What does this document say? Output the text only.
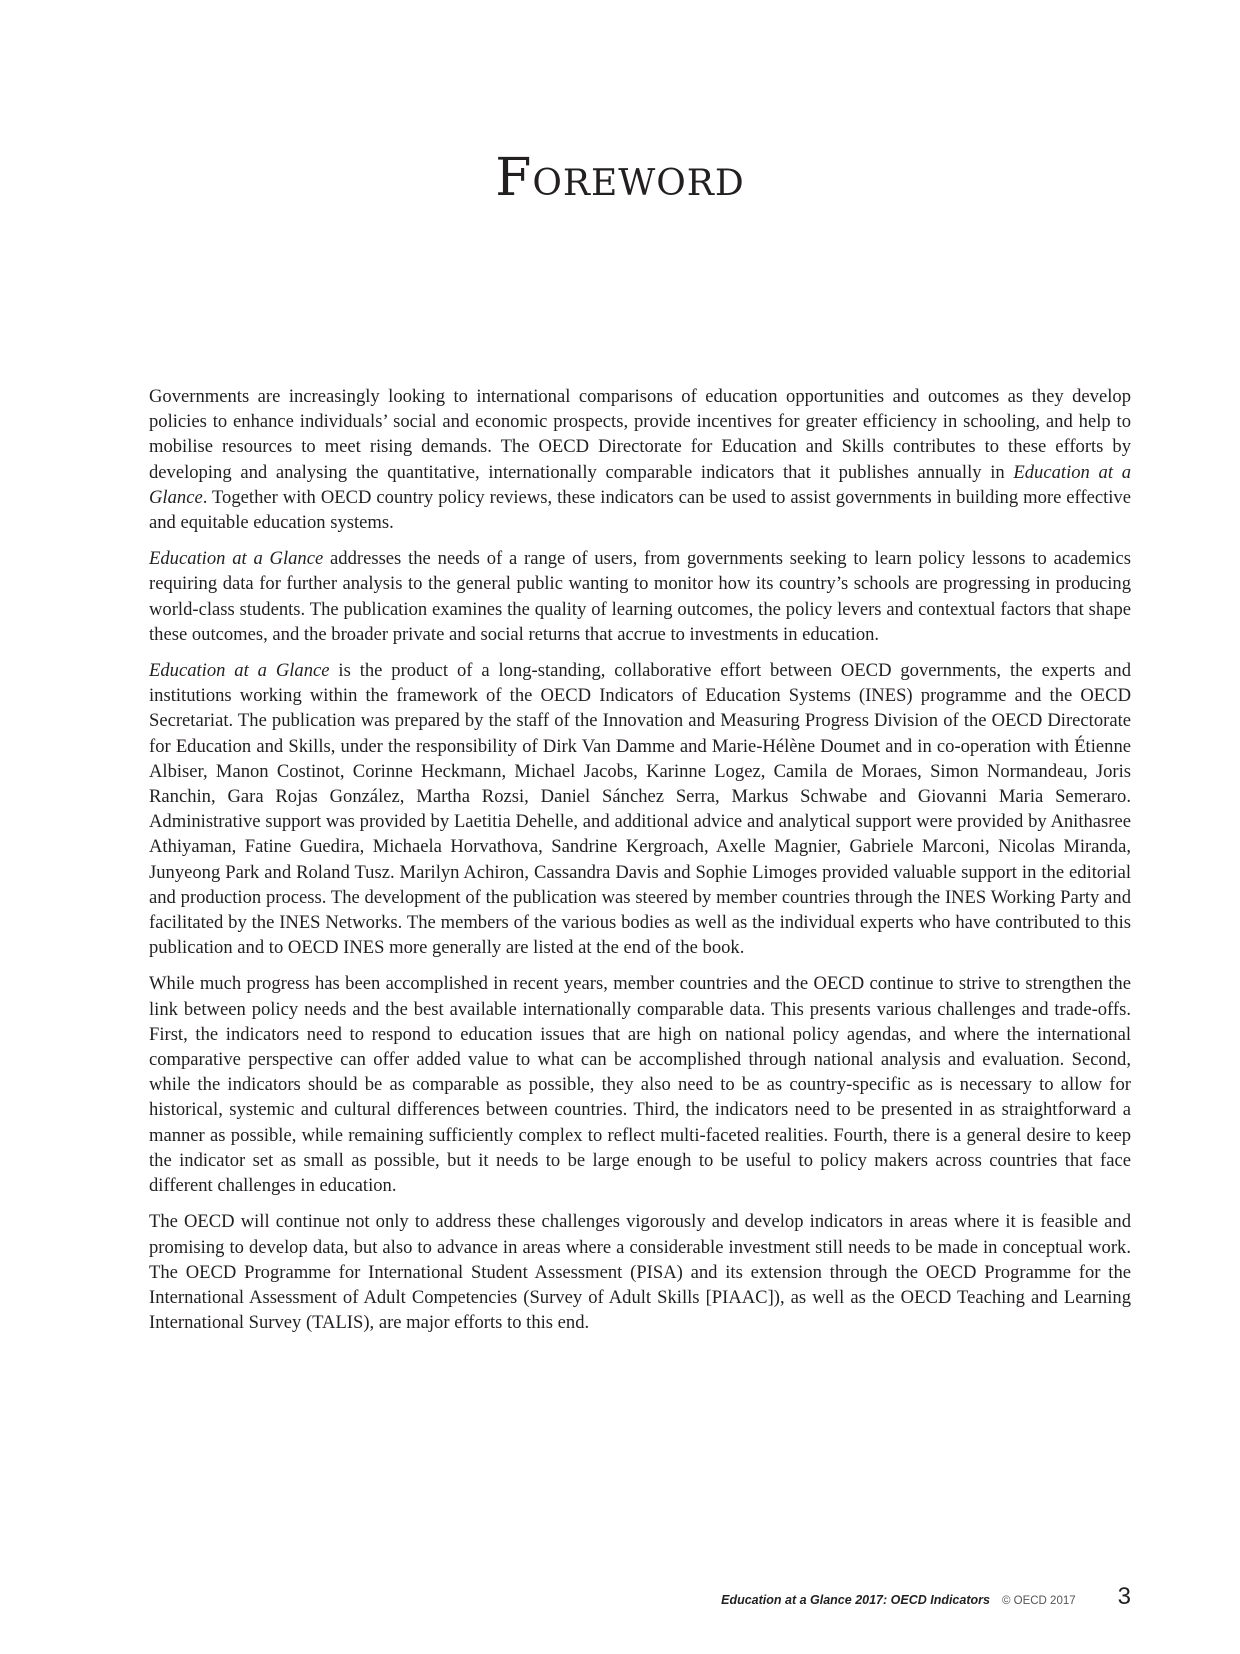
Foreword

Governments are increasingly looking to international comparisons of education opportunities and outcomes as they develop policies to enhance individuals’ social and economic prospects, provide incentives for greater efficiency in schooling, and help to mobilise resources to meet rising demands. The OECD Directorate for Education and Skills contributes to these efforts by developing and analysing the quantitative, internationally comparable indicators that it publishes annually in Education at a Glance. Together with OECD country policy reviews, these indicators can be used to assist governments in building more effective and equitable education systems.

Education at a Glance addresses the needs of a range of users, from governments seeking to learn policy lessons to academics requiring data for further analysis to the general public wanting to monitor how its country’s schools are progressing in producing world-class students. The publication examines the quality of learning outcomes, the policy levers and contextual factors that shape these outcomes, and the broader private and social returns that accrue to investments in education.

Education at a Glance is the product of a long-standing, collaborative effort between OECD governments, the experts and institutions working within the framework of the OECD Indicators of Education Systems (INES) programme and the OECD Secretariat. The publication was prepared by the staff of the Innovation and Measuring Progress Division of the OECD Directorate for Education and Skills, under the responsibility of Dirk Van Damme and Marie-Hélène Doumet and in co-operation with Étienne Albiser, Manon Costinot, Corinne Heckmann, Michael Jacobs, Karinne Logez, Camila de Moraes, Simon Normandeau, Joris Ranchin, Gara Rojas González, Martha Rozsi, Daniel Sánchez Serra, Markus Schwabe and Giovanni Maria Semeraro. Administrative support was provided by Laetitia Dehelle, and additional advice and analytical support were provided by Anithasree Athiyaman, Fatine Guedira, Michaela Horvathova, Sandrine Kergroach, Axelle Magnier, Gabriele Marconi, Nicolas Miranda, Junyeong Park and Roland Tusz. Marilyn Achiron, Cassandra Davis and Sophie Limoges provided valuable support in the editorial and production process. The development of the publication was steered by member countries through the INES Working Party and facilitated by the INES Networks. The members of the various bodies as well as the individual experts who have contributed to this publication and to OECD INES more generally are listed at the end of the book.

While much progress has been accomplished in recent years, member countries and the OECD continue to strive to strengthen the link between policy needs and the best available internationally comparable data. This presents various challenges and trade-offs. First, the indicators need to respond to education issues that are high on national policy agendas, and where the international comparative perspective can offer added value to what can be accomplished through national analysis and evaluation. Second, while the indicators should be as comparable as possible, they also need to be as country-specific as is necessary to allow for historical, systemic and cultural differences between countries. Third, the indicators need to be presented in as straightforward a manner as possible, while remaining sufficiently complex to reflect multi-faceted realities. Fourth, there is a general desire to keep the indicator set as small as possible, but it needs to be large enough to be useful to policy makers across countries that face different challenges in education.

The OECD will continue not only to address these challenges vigorously and develop indicators in areas where it is feasible and promising to develop data, but also to advance in areas where a considerable investment still needs to be made in conceptual work. The OECD Programme for International Student Assessment (PISA) and its extension through the OECD Programme for the International Assessment of Adult Competencies (Survey of Adult Skills [PIAAC]), as well as the OECD Teaching and Learning International Survey (TALIS), are major efforts to this end.

Education at a Glance 2017: OECD Indicators © OECD 2017 3
